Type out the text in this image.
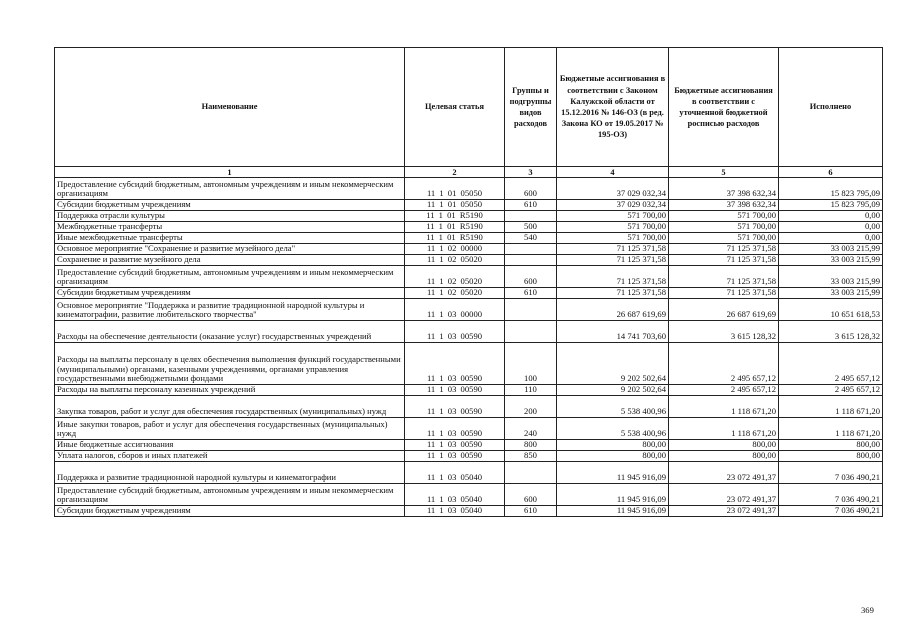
Наименование	Целевая статья	Группы и подгруппы видов расходов	Бюджетные ассигнования в соответствии с Законом Калужской области от 15.12.2016 № 146-ОЗ (в ред. Закона КО от 19.05.2017 № 195-ОЗ)	Бюджетные ассигнования в соответствии с уточненной бюджетной росписью расходов	Исполнено
1	2	3	4	5	6
Предоставление субсидий бюджетным, автономным учреждениям и иным некоммерческим организациям	11 1 01 05050	600	37 029 032,34	37 398 632,34	15 823 795,09
Субсидии бюджетным учреждениям	11 1 01 05050	610	37 029 032,34	37 398 632,34	15 823 795,09
Поддержка отрасли культуры	11 1 01 R5190		571 700,00	571 700,00	0,00
Межбюджетные трансферты	11 1 01 R5190	500	571 700,00	571 700,00	0,00
Иные межбюджетные трансферты	11 1 01 R5190	540	571 700,00	571 700,00	0,00
Основное мероприятие "Сохранение и развитие музейного дела"	11 1 02 00000		71 125 371,58	71 125 371,58	33 003 215,99
Сохранение и развитие музейного дела	11 1 02 05020		71 125 371,58	71 125 371,58	33 003 215,99
Предоставление субсидий бюджетным, автономным учреждениям и иным некоммерческим организациям	11 1 02 05020	600	71 125 371,58	71 125 371,58	33 003 215,99
Субсидии бюджетным учреждениям	11 1 02 05020	610	71 125 371,58	71 125 371,58	33 003 215,99
Основное мероприятие "Поддержка и развитие традиционной народной культуры и кинематографии, развитие любительского творчества"	11 1 03 00000		26 687 619,69	26 687 619,69	10 651 618,53
Расходы на обеспечение деятельности (оказание услуг) государственных учреждений	11 1 03 00590		14 741 703,60	3 615 128,32	3 615 128,32
Расходы на выплаты персоналу в целях обеспечения выполнения функций государственными (муниципальными) органами, казенными учреждениями, органами управления государственными внебюджетными фондами	11 1 03 00590	100	9 202 502,64	2 495 657,12	2 495 657,12
Расходы на выплаты персоналу казенных учреждений	11 1 03 00590	110	9 202 502,64	2 495 657,12	2 495 657,12
Закупка товаров, работ и услуг для обеспечения государственных (муниципальных) нужд	11 1 03 00590	200	5 538 400,96	1 118 671,20	1 118 671,20
Иные закупки товаров, работ и услуг для обеспечения государственных (муниципальных) нужд	11 1 03 00590	240	5 538 400,96	1 118 671,20	1 118 671,20
Иные бюджетные ассигнования	11 1 03 00590	800	800,00	800,00	800,00
Уплата налогов, сборов и иных платежей	11 1 03 00590	850	800,00	800,00	800,00
Поддержка и развитие традиционной народной культуры и кинематографии	11 1 03 05040		11 945 916,09	23 072 491,37	7 036 490,21
Предоставление субсидий бюджетным, автономным учреждениям и иным некоммерческим организациям	11 1 03 05040	600	11 945 916,09	23 072 491,37	7 036 490,21
Субсидии бюджетным учреждениям	11 1 03 05040	610	11 945 916,09	23 072 491,37	7 036 490,21
369
